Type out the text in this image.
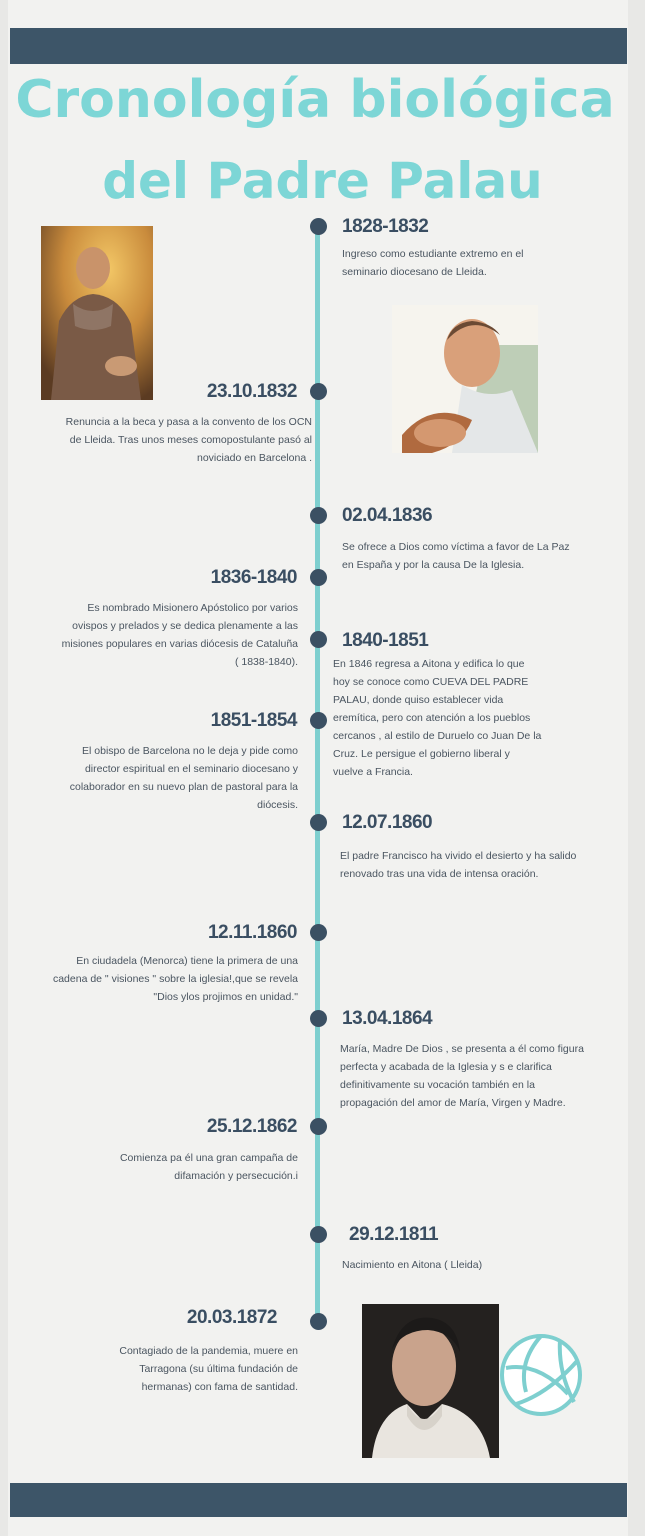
Cronología biológica
del Padre Palau
1828-1832
Ingreso como estudiante extremo en el seminario diocesano de Lleida.
23.10.1832
Renuncia a la beca y pasa a la convento de los OCN de Lleida. Tras unos meses comopostulante pasó al noviciado en Barcelona .
02.04.1836
Se ofrece a Dios como víctima a favor de La Paz en España y por la causa De la Iglesia.
1836-1840
Es nombrado Misionero Apóstolico por varios ovispos y prelados y se dedica plenamente a las misiones populares en varias diócesis de Cataluña ( 1838-1840).
1840-1851
En 1846 regresa a Aitona y edifica lo que hoy se conoce como CUEVA DEL PADRE PALAU, donde quiso establecer vida eremítica, pero con atención a los pueblos cercanos , al estilo de Duruelo co Juan De la Cruz. Le persigue el gobierno liberal y vuelve a Francia.
1851-1854
El obispo de Barcelona no le deja y pide como director espiritual en el seminario diocesano y colaborador en su nuevo plan de pastoral para la diócesis.
12.07.1860
El padre Francisco ha vivido el desierto y ha salido renovado tras una vida de intensa oración.
12.11.1860
En ciudadela (Menorca) tiene la primera de una cadena de " visiones " sobre la iglesia!,que se revela "Dios ylos projimos en unidad."
13.04.1864
María, Madre De Dios , se presenta a él como figura perfecta y acabada de la Iglesia y s e clarifica definitivamente su vocación también en la propagación del amor de María, Virgen y Madre.
25.12.1862
Comienza pa él una gran campaña de difamación y persecución.i
29.12.1811
Nacimiento en Aitona ( Lleida)
20.03.1872
Contagiado de la pandemia, muere en Tarragona (su última fundación de hermanas) con fama de santidad.
